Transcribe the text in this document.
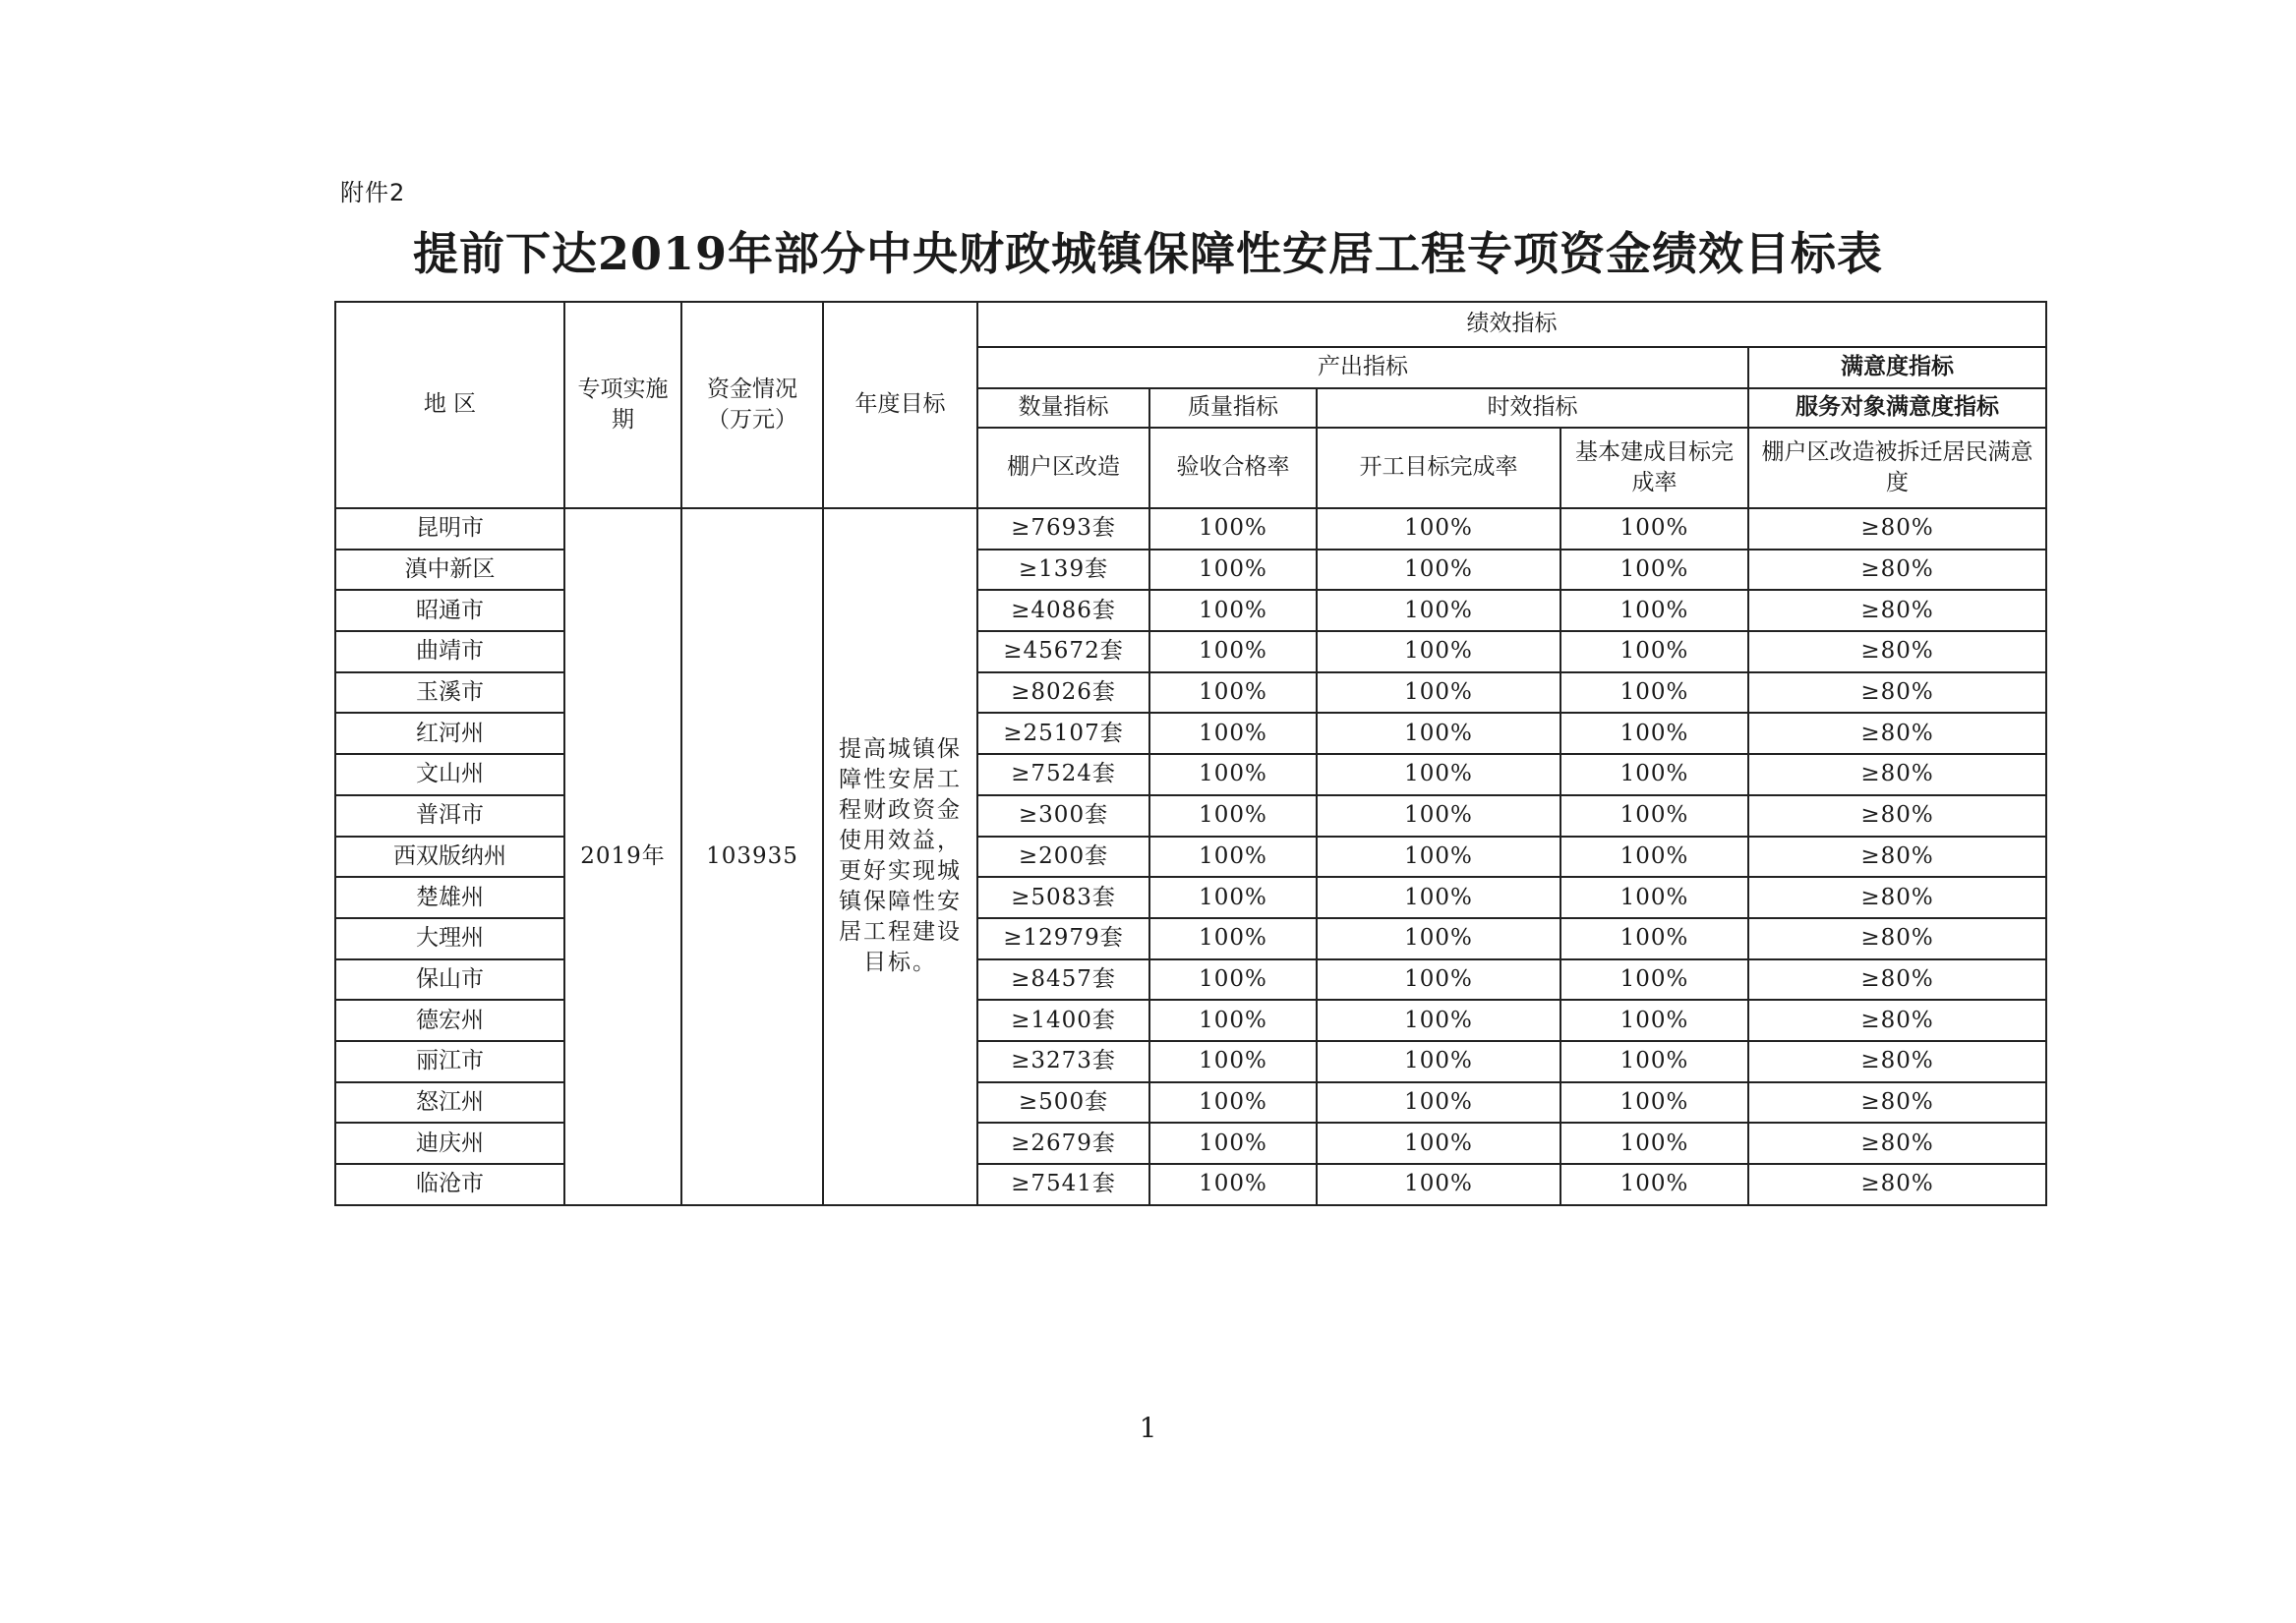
附件2
提前下达2019年部分中央财政城镇保障性安居工程专项资金绩效目标表
地 区	专项实施期	资金情况（万元）	年度目标	绩效指标				
				产出指标				满意度指标
				数量指标	质量指标	时效指标		服务对象满意度指标
				棚户区改造	验收合格率	开工目标完成率	基本建成目标完成率	棚户区改造被拆迁居民满意度
昆明市	2019年	103935	提高城镇保障性安居工程财政资金使用效益，更好实现城镇保障性安居工程建设目标。	≥7693套	100%	100%	100%	≥80%
滇中新区				≥139套	100%	100%	100%	≥80%
昭通市				≥4086套	100%	100%	100%	≥80%
曲靖市				≥45672套	100%	100%	100%	≥80%
玉溪市				≥8026套	100%	100%	100%	≥80%
红河州				≥25107套	100%	100%	100%	≥80%
文山州				≥7524套	100%	100%	100%	≥80%
普洱市				≥300套	100%	100%	100%	≥80%
西双版纳州				≥200套	100%	100%	100%	≥80%
楚雄州				≥5083套	100%	100%	100%	≥80%
大理州				≥12979套	100%	100%	100%	≥80%
保山市				≥8457套	100%	100%	100%	≥80%
德宏州				≥1400套	100%	100%	100%	≥80%
丽江市				≥3273套	100%	100%	100%	≥80%
怒江州				≥500套	100%	100%	100%	≥80%
迪庆州				≥2679套	100%	100%	100%	≥80%
临沧市				≥7541套	100%	100%	100%	≥80%
1
